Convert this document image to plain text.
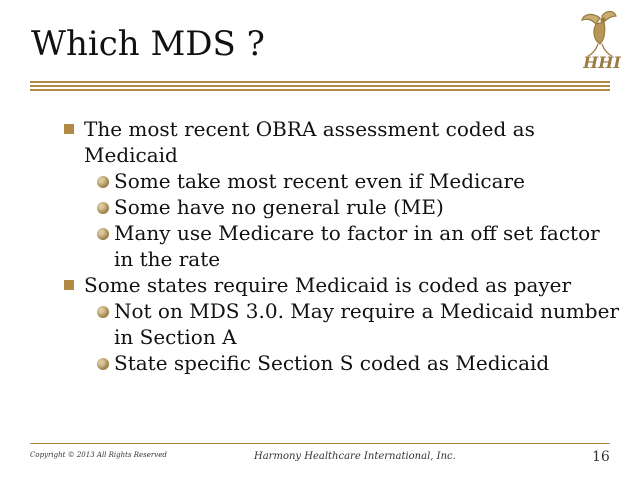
Which MDS ?	HHI
The most recent OBRA assessment coded as Medicaid
Some take most recent even if Medicare
Some have no general rule (ME)
Many use Medicare to factor in an off set factor in the rate
Some states require Medicaid is coded as payer
Not on MDS 3.0. May require a Medicaid number in Section A
State specific Section S coded as Medicaid
Copyright © 2013 All Rights Reserved	Harmony Healthcare International, Inc.	16
